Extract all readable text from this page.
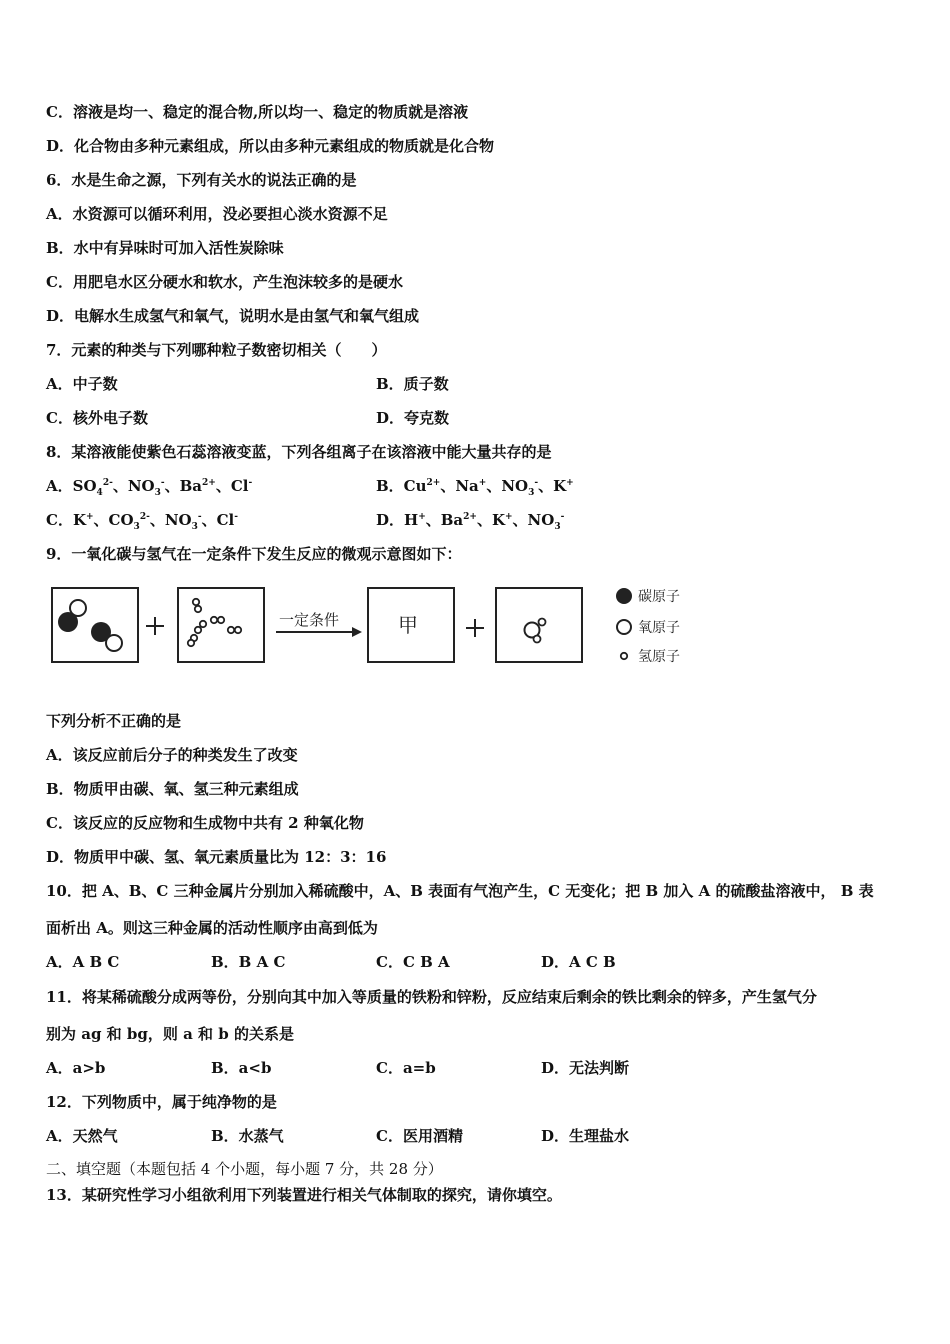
C．溶液是均一、稳定的混合物,所以均一、稳定的物质就是溶液
D．化合物由多种元素组成，所以由多种元素组成的物质就是化合物
6．水是生命之源，下列有关水的说法正确的是
A．水资源可以循环利用，没必要担心淡水资源不足
B．水中有异味时可加入活性炭除味
C．用肥皂水区分硬水和软水，产生泡沫较多的是硬水
D．电解水生成氢气和氧气，说明水是由氢气和氧气组成
7．元素的种类与下列哪种粒子数密切相关（　　）
A．中子数	B．质子数
C．核外电子数	D．夸克数
8．某溶液能使紫色石蕊溶液变蓝，下列各组离子在该溶液中能大量共存的是
A．$SO_4^{2-}$、$NO_3^-$、$Ba^{2+}$、Cl-	B．$Cu^{2+}$、Na+、$NO_3^-$、K+
C．K+、$CO_3^{2-}$、$NO_3^-$、Cl-	D．H+、$Ba^{2+}$、K+、$NO_3^-$
9．一氧化碳与氢气在一定条件下发生反应的微观示意图如下：
一定条件	甲
碳原子
氧原子
氢原子
下列分析不正确的是
A．该反应前后分子的种类发生了改变
B．物质甲由碳、氧、氢三种元素组成
C．该反应的反应物和生成物中共有 2 种氧化物
D．物质甲中碳、氢、氧元素质量比为 12：3：16
10．把 A、B、C 三种金属片分别加入稀硫酸中，A、B 表面有气泡产生，C 无变化；把 B 加入 A 的硫酸盐溶液中， B 表
面析出 A。则这三种金属的活动性顺序由高到低为
A．A B C	B．B A C	C．C B A	D．A C B
11．将某稀硫酸分成两等份，分别向其中加入等质量的铁粉和锌粉，反应结束后剩余的铁比剩余的锌多，产生氢气分
别为 ag 和 bg，则 a 和 b 的关系是
A．a>b	B．a<b	C．a=b	D．无法判断
12．下列物质中，属于纯净物的是
A．天然气	B．水蒸气	C．医用酒精	D．生理盐水
二、填空题（本题包括 4 个小题，每小题 7 分，共 28 分）
13．某研究性学习小组欲利用下列装置进行相关气体制取的探究，请你填空。
